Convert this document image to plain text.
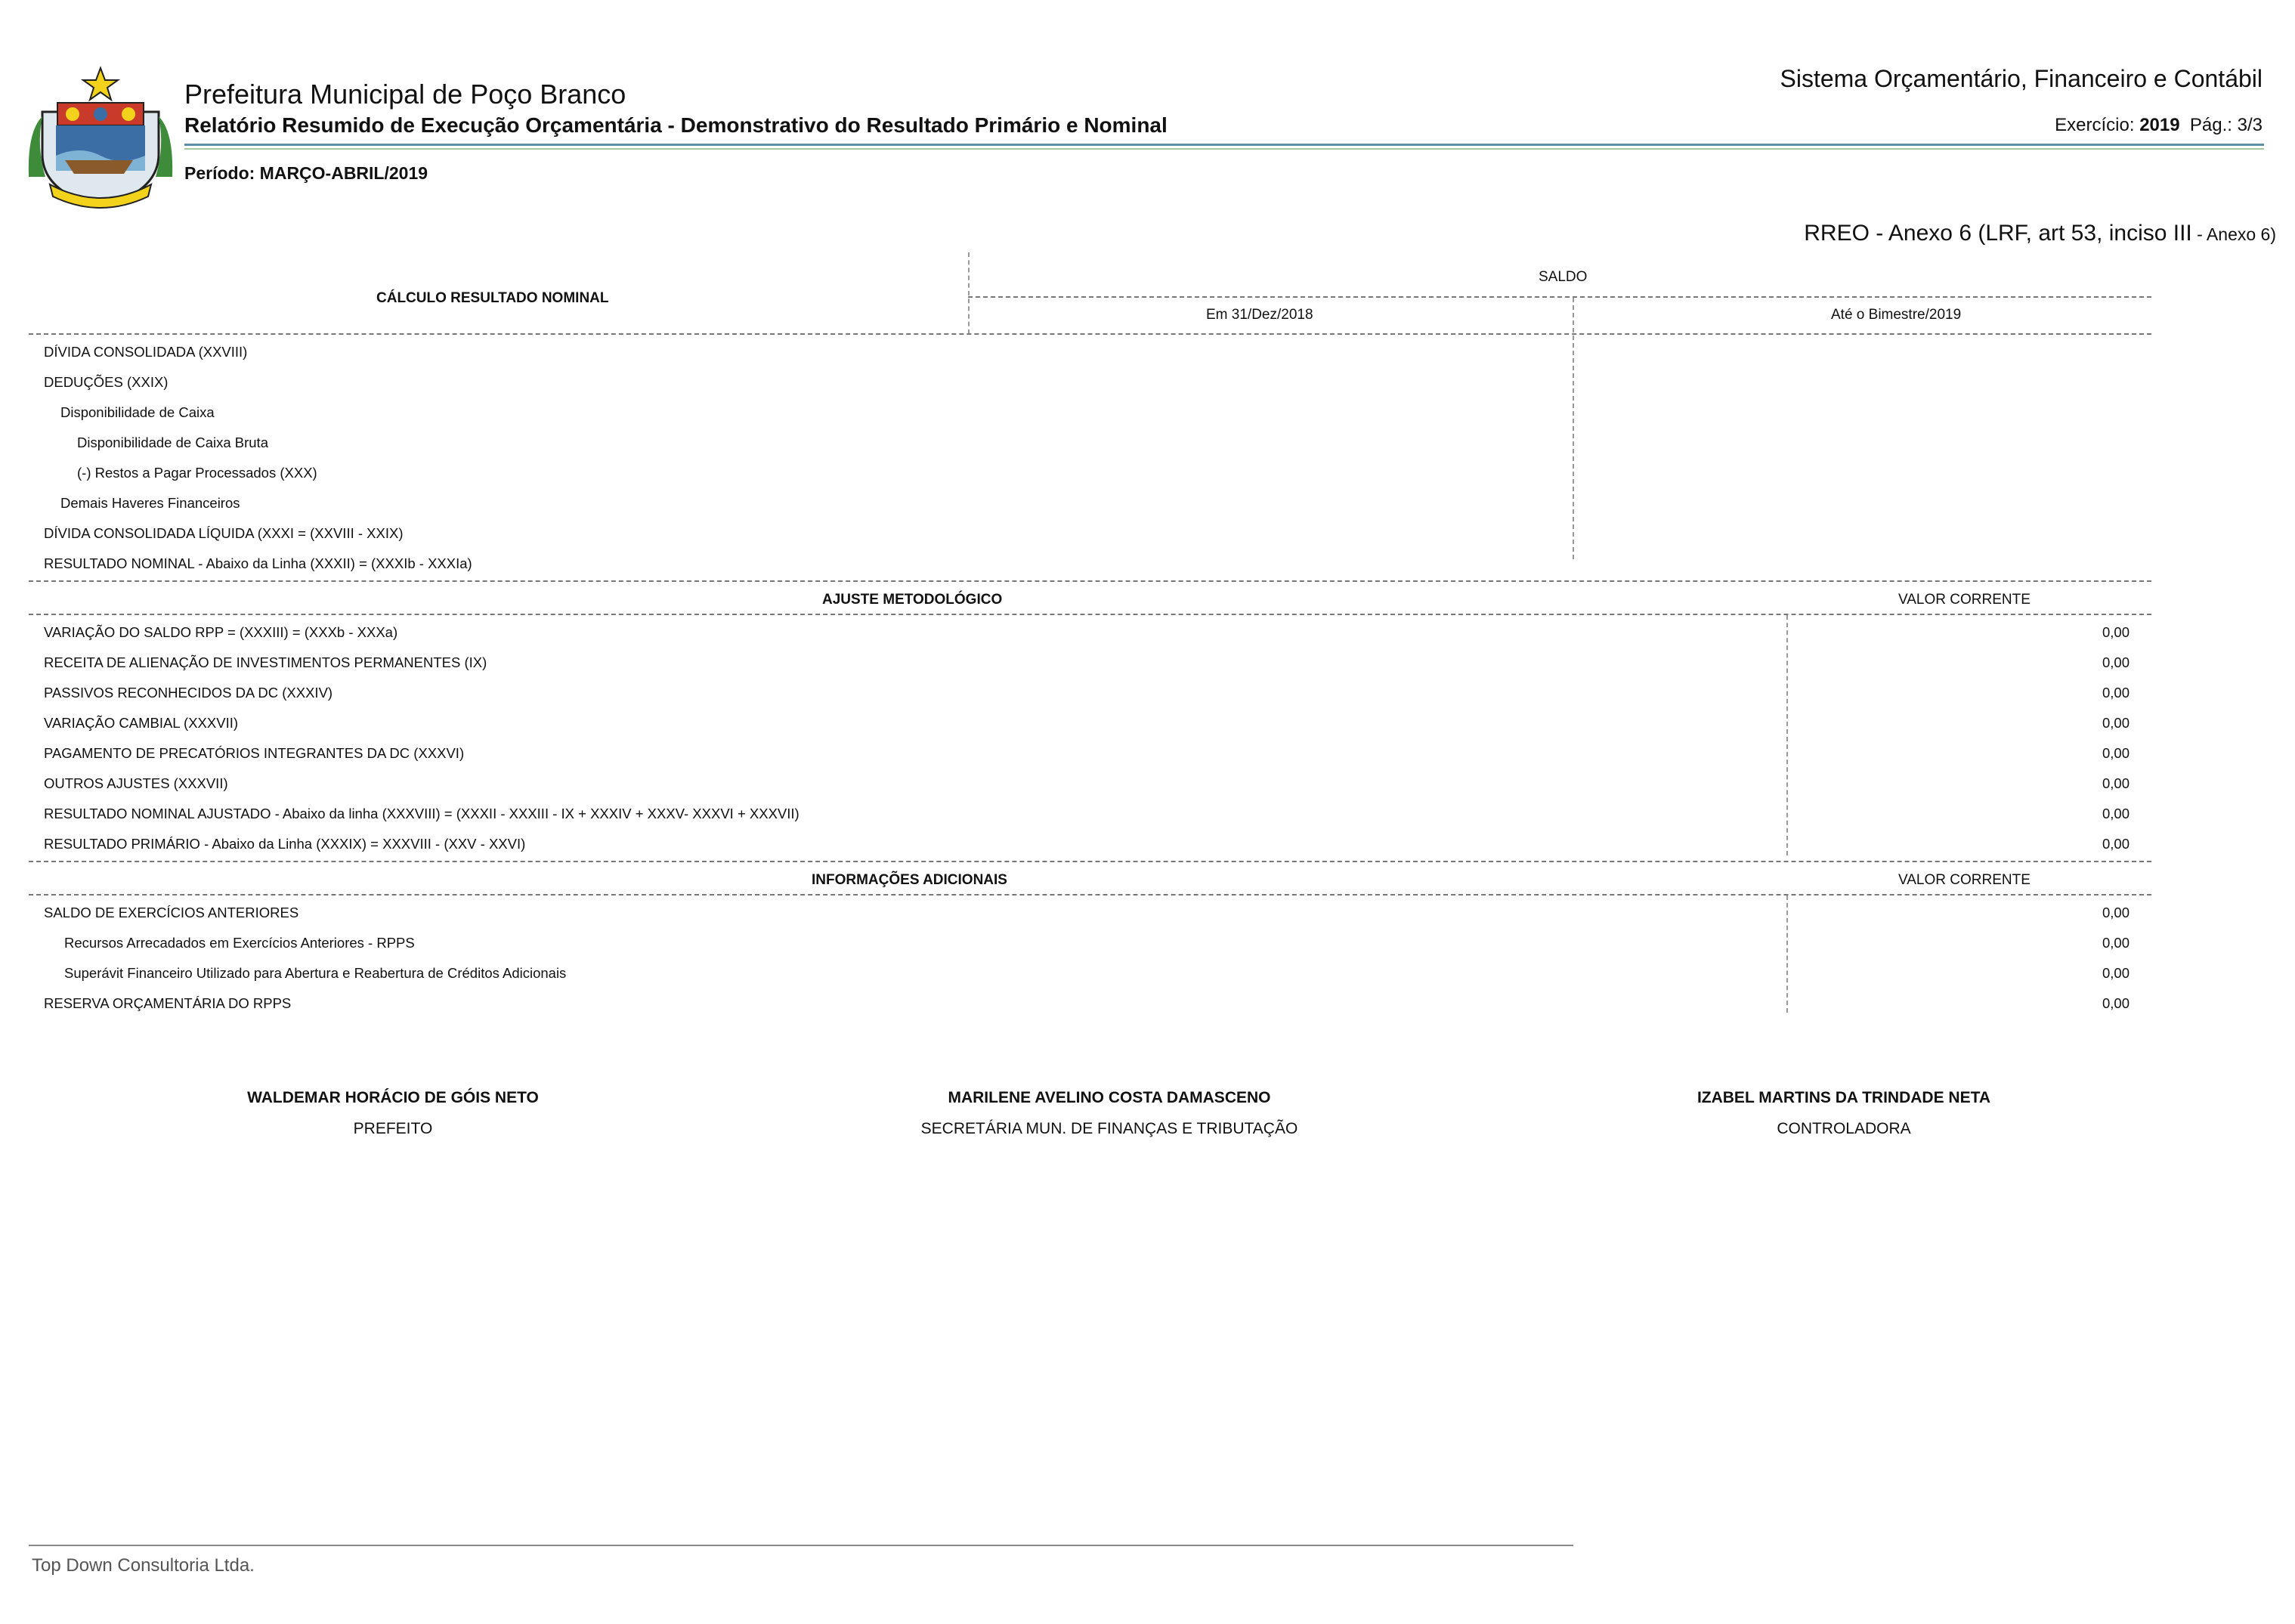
Prefeitura Municipal de Poço Branco
Relatório Resumido de Execução Orçamentária - Demonstrativo do Resultado Primário e Nominal
Período: MARÇO-ABRIL/2019
Sistema Orçamentário, Financeiro e Contábil
Exercício: 2019 Pág.: 3/3
RREO - Anexo 6 (LRF, art 53, inciso III - Anexo 6)
SALDO
CÁLCULO RESULTADO NOMINAL
Em 31/Dez/2018	Até o Bimestre/2019
DÍVIDA CONSOLIDADA (XXVIII)
DEDUÇÕES (XXIX)
Disponibilidade de Caixa
Disponibilidade de Caixa Bruta
(-) Restos a Pagar Processados (XXX)
Demais Haveres Financeiros
DÍVIDA CONSOLIDADA LÍQUIDA (XXXI = (XXVIII - XXIX)
RESULTADO NOMINAL - Abaixo da Linha (XXXII) = (XXXIb - XXXIa)
AJUSTE METODOLÓGICO	VALOR CORRENTE
VARIAÇÃO DO SALDO RPP = (XXXIII) = (XXXb - XXXa)	0,00
RECEITA DE ALIENAÇÃO DE INVESTIMENTOS PERMANENTES (IX)	0,00
PASSIVOS RECONHECIDOS DA DC (XXXIV)	0,00
VARIAÇÃO CAMBIAL (XXXVII)	0,00
PAGAMENTO DE PRECATÓRIOS INTEGRANTES DA DC (XXXVI)	0,00
OUTROS AJUSTES (XXXVII)	0,00
RESULTADO NOMINAL AJUSTADO - Abaixo da linha (XXXVIII) = (XXXII - XXXIII - IX + XXXIV + XXXV- XXXVI + XXXVII)	0,00
RESULTADO PRIMÁRIO - Abaixo da Linha (XXXIX) = XXXVIII - (XXV - XXVI)	0,00
INFORMAÇÕES ADICIONAIS	VALOR CORRENTE
SALDO DE EXERCÍCIOS ANTERIORES	0,00
Recursos Arrecadados em Exercícios Anteriores - RPPS	0,00
Superávit Financeiro Utilizado para Abertura e Reabertura de Créditos Adicionais	0,00
RESERVA ORÇAMENTÁRIA DO RPPS	0,00
WALDEMAR HORÁCIO DE GÓIS NETO
PREFEITO
MARILENE AVELINO COSTA DAMASCENO
SECRETÁRIA MUN. DE FINANÇAS E TRIBUTAÇÃO
IZABEL MARTINS DA TRINDADE NETA
CONTROLADORA
Top Down Consultoria Ltda.
